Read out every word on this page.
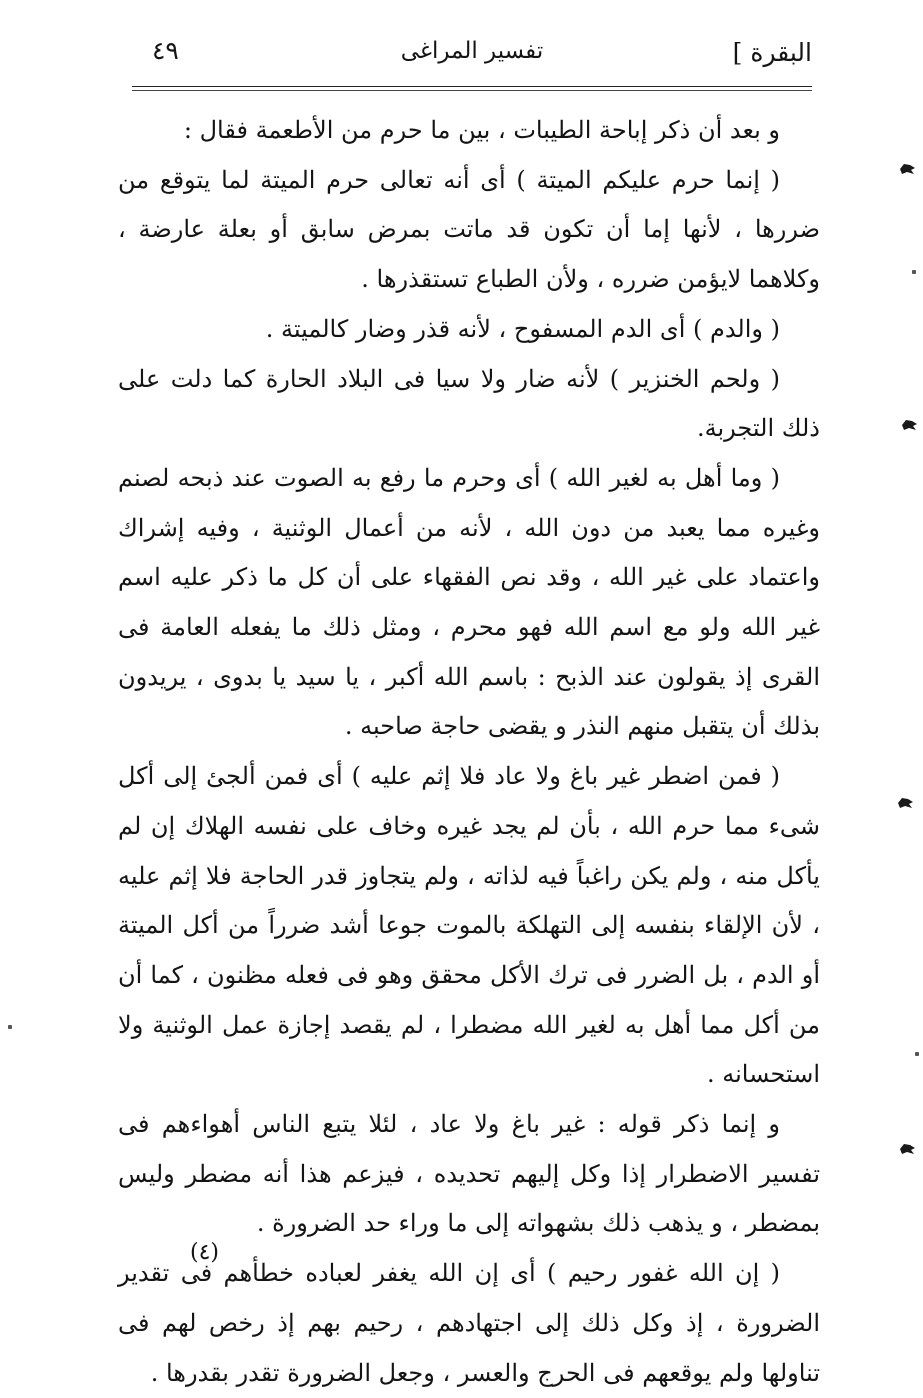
البقرة ]
تفسير المراغى
٤٩

و بعد أن ذكر إباحة الطيبات ، بين ما حرم من الأطعمة فقال :

( إنما حرم عليكم الميتة ) أى أنه تعالى حرم الميتة لما يتوقع من ضررها ، لأنها إما أن تكون قد ماتت بمرض سابق أو بعلة عارضة ، وكلاهما لايؤمن ضرره ، ولأن الطباع تستقذرها .

( والدم ) أى الدم المسفوح ، لأنه قذر وضار كالميتة .

( ولحم الخنزير ) لأنه ضار ولا سيا فى البلاد الحارة كما دلت على ذلك التجربة.

( وما أهل به لغير الله ) أى وحرم ما رفع به الصوت عند ذبحه لصنم وغيره مما يعبد من دون الله ، لأنه من أعمال الوثنية ، وفيه إشراك واعتماد على غير الله ، وقد نص الفقهاء على أن كل ما ذكر عليه اسم غير الله ولو مع اسم الله فهو محرم ، ومثل ذلك ما يفعله العامة فى القرى إذ يقولون عند الذبح : باسم الله أكبر ، يا سيد يا بدوى ، يريدون بذلك أن يتقبل منهم النذر و يقضى حاجة صاحبه .

( فمن اضطر غير باغ ولا عاد فلا إثم عليه ) أى فمن ألجئ إلى أكل شىء مما حرم الله ، بأن لم يجد غيره وخاف على نفسه الهلاك إن لم يأكل منه ، ولم يكن راغباً فيه لذاته ، ولم يتجاوز قدر الحاجة فلا إثم عليه ، لأن الإلقاء بنفسه إلى التهلكة بالموت جوعا أشد ضرراً من أكل الميتة أو الدم ، بل الضرر فى ترك الأكل محقق وهو فى فعله مظنون ، كما أن من أكل مما أهل به لغير الله مضطرا ، لم يقصد إجازة عمل الوثنية ولا استحسانه .

و إنما ذكر قوله : غير باغ ولا عاد ، لئلا يتبع الناس أهواءهم فى تفسير الاضطرار إذا وكل إليهم تحديده ، فيزعم هذا أنه مضطر وليس بمضطر ، و يذهب ذلك بشهواته إلى ما وراء حد الضرورة .

( إن الله غفور رحيم ) أى إن الله يغفر لعباده خطأهم فى تقدير الضرورة ، إذ وكل ذلك إلى اجتهادهم ، رحيم بهم إذ رخص لهم فى تناولها ولم يوقعهم فى الحرج والعسر ، وجعل الضرورة تقدر بقدرها .

(٤)
